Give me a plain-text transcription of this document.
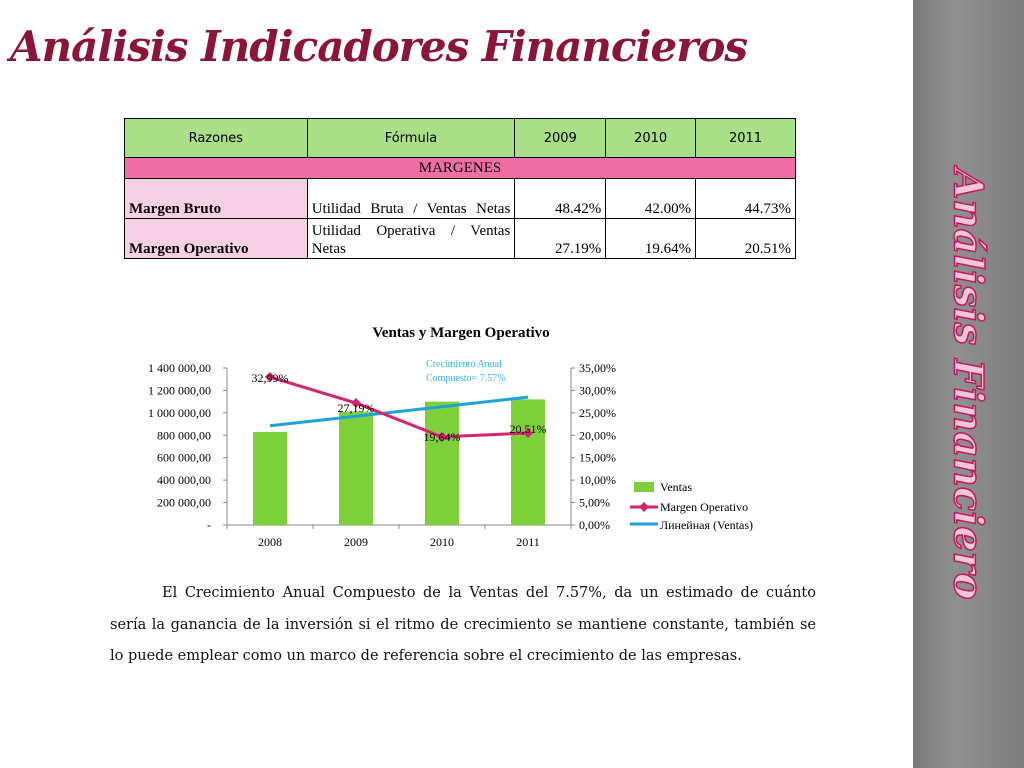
Análisis Indicadores Financieros
Análisis Financiero
Razones	Fórmula	2009	2010	2011
MARGENES				
Margen Bruto	Utilidad Bruta / Ventas Netas	48.42%	42.00%	44.73%
Margen Operativo	Utilidad Operativa / Ventas Netas	27.19%	19.64%	20.51%
Ventas y Margen Operativo
-
200 000,00
400 000,00
600 000,00
800 000,00
1 000 000,00
1 200 000,00
1 400 000,00
0,00%
5,00%
10,00%
15,00%
20,00%
25,00%
30,00%
35,00%
2008	2009	2010	2011
32,99%
27,19%
19,64%
20,51%
Crecimiento Anual
Compuesto= 7.57%
Ventas
Margen Operativo
Линейная (Ventas)

El Crecimiento Anual Compuesto de la Ventas del 7.57%, da un estimado de cuánto sería la ganancia de la inversión si el ritmo de crecimiento se mantiene constante, también se lo puede emplear como un marco de referencia sobre el crecimiento de las empresas.
